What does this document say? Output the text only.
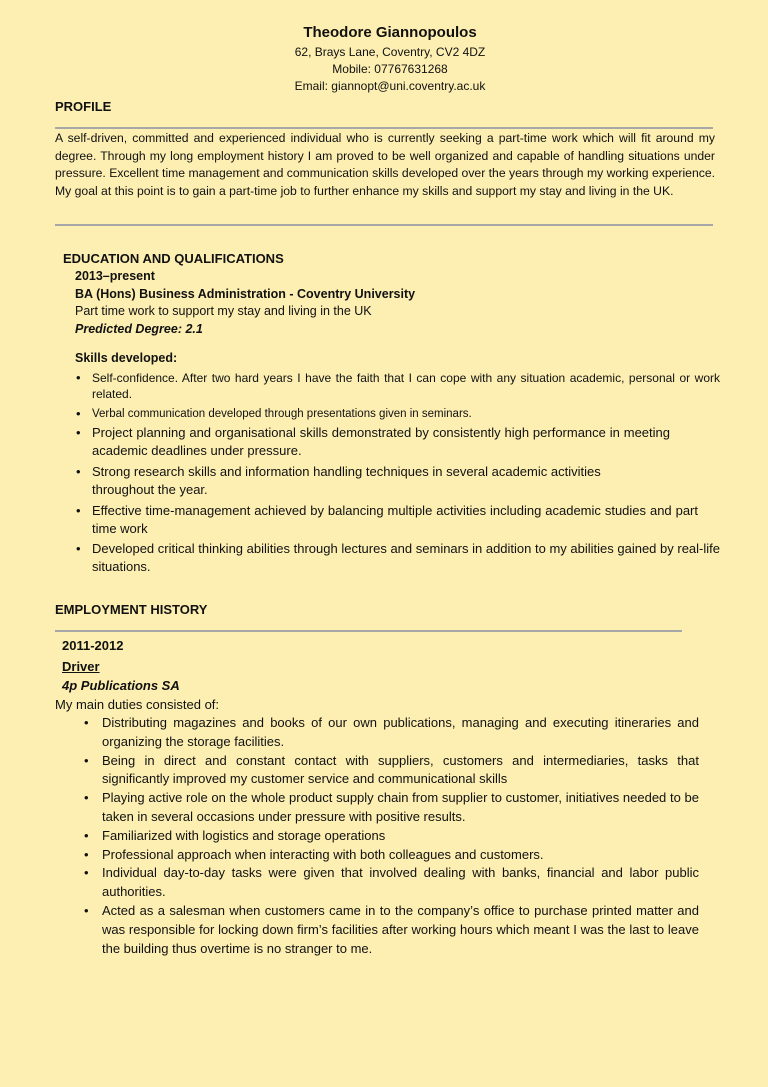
Theodore Giannopoulos
62, Brays Lane, Coventry, CV2 4DZ
Mobile: 07767631268
Email: giannopt@uni.coventry.ac.uk
PROFILE
A self-driven, committed and experienced individual who is currently seeking a part-time work which will fit around my degree. Through my long employment history I am proved to be well organized and capable of handling situations under pressure. Excellent time management and communication skills developed over the years through my working experience. My goal at this point is to gain a part-time job to further enhance my skills and support my stay and living in the UK.
EDUCATION AND QUALIFICATIONS
2013–present
BA (Hons) Business Administration - Coventry University
Part time work to support my stay and living in the UK
Predicted Degree: 2.1
Skills developed:
• Self-confidence. After two hard years I have the faith that I can cope with any situation academic, personal or work related.
• Verbal communication developed through presentations given in seminars.
• Project planning and organisational skills demonstrated by consistently high performance in meeting academic deadlines under pressure.
• Strong research skills and information handling techniques in several academic activities throughout the year.
• Effective time-management achieved by balancing multiple activities including academic studies and part time work
• Developed critical thinking abilities through lectures and seminars in addition to my abilities gained by real-life situations.
EMPLOYMENT HISTORY
2011-2012
Driver
4p Publications SA
My main duties consisted of:
• Distributing magazines and books of our own publications, managing and executing itineraries and organizing the storage facilities.
• Being in direct and constant contact with suppliers, customers and intermediaries, tasks that significantly improved my customer service and communicational skills
• Playing active role on the whole product supply chain from supplier to customer, initiatives needed to be taken in several occasions under pressure with positive results.
• Familiarized with logistics and storage operations
• Professional approach when interacting with both colleagues and customers.
• Individual day-to-day tasks were given that involved dealing with banks, financial and labor public authorities.
• Acted as a salesman when customers came in to the company’s office to purchase printed matter and was responsible for locking down firm’s facilities after working hours which meant I was the last to leave the building thus overtime is no stranger to me.
